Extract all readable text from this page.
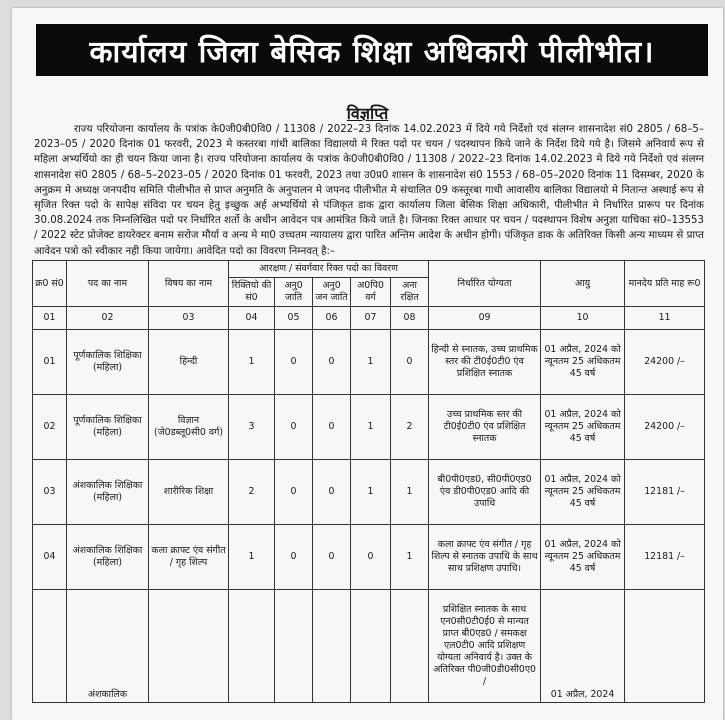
कार्यालय जिला बेसिक शिक्षा अधिकारी पीलीभीत।
विज्ञप्ति

राज्य परियोजना कार्यालय के पत्रांक के0जी0बी0वि0 / 11308 / 2022–23 दिनांक 14.02.2023 में दिये गये निर्देशो एवं संलग्न शासनादेश सं0 2805 / 68–5–2023–05 / 2020 दिनांक 01 फरवरी, 2023 मे कस्तरबा गांधी बालिका विद्यालयो मे रिक्त पदो पर चयन / पदस्थापन किये जाने के निर्देश दिये गये है। जिसमे अनिवार्य रूप से महिला अभ्यर्थियो का ही चयन किया जाना है। राज्य परियोजना कार्यालय के पत्रांक के0जी0बी0वि0 / 11308 / 2022–23 दिनांक 14.02.2023 मे दिये गये निर्देशो एवं संलग्न शासनादेश सं0 2805 / 68–5–2023–05 / 2020 दिनांक 01 फरवरी, 2023 तथा उ0प्र0 शासन के शासनादेश सं0 1553 / 68–05–2020 दिनांक 11 दिसम्बर, 2020 के अनुक्रम मे अध्यक्ष जनपदीय समिति पीलीभीत से प्राप्त अनुमति के अनुपालन मे जपनद पीलीभीत मे संचालित 09 कस्तूरबा गाधी आवासीय बालिका विद्यालयो मे नितान्त अस्थाई रूप से सृजित रिक्त पदो के सापेक्ष संविदा पर चयन हेतु इच्छुक अर्ह अभ्यर्थियो से पंजिकृत डाक द्वारा कार्यालय जिला बेसिक शिक्षा अधिकारी, पीलीभीत मे निर्धारित प्रारूप पर दिनांक 30.08.2024 तक निम्नलिखित पदो पर निर्धारित शर्तो के अधीन आवेदन पत्र आमंत्रित किये जाते है। जिनका रिक्त आधार पर चयन / पदस्थापन विशेष अनुज्ञा याचिका सं0–13553 / 2022 स्टेट प्रोजेक्ट डायरेक्टर बनाम सरोज मौर्या व अन्य मे मा0 उच्चतम न्यायालय द्वारा पारित अन्तिम आदेश के अधीन होगी। पंजिकृत डाक के अतिरिक्त किसी अन्य माध्यम से प्राप्त आवेदन पत्रो को स्वीकार नही किया जायेगा। आवेदित पदो का विवरण निम्नवत् है:–

क्र0 सं0	पद का नाम	विषय का नाम	आरक्षण / संवर्गवार रिक्त पदो का विवरण					निर्धारित योग्यता	आयु	मानदेय प्रति माह रू0
			रिक्तियो की सं0	अनु0 जाति	अनु0 जन जाति	अ0पि0 वर्ग	अना रक्षित			
01	02	03	04	05	06	07	08	09	10	11
01	पूर्णकालिक शिक्षिका (महिला)	हिन्दी	1	0	0	1	0	हिन्दी से स्नातक, उच्च प्राथमिक स्तर की टी0ई0टी0 एंव प्रशिक्षित स्नातक	01 अप्रैल, 2024 को न्यूनतम 25 अधिकतम 45 वर्ष	24200 /–
02	पूर्णकालिक शिक्षिका (महिला)	विज्ञान (जे0डब्लू0सी0 वर्ग)	3	0	0	1	2	उच्च प्राथमिक स्तर की टी0ई0टी0 एंव प्रशिक्षित स्नातक	01 अप्रैल, 2024 को न्यूनतम 25 अधिकतम 45 वर्ष	24200 /–
03	अंशकालिक शिक्षिका (महिला)	शारीरिक शिक्षा	2	0	0	1	1	बी0पी0एड0, सी0पी0एड0 एंव डी0पी0एड0 आदि की उपाधि	01 अप्रैल, 2024 को न्यूनतम 25 अधिकतम 45 वर्ष	12181 /–
04	अंशकालिक शिक्षिका (महिला)	कला क्राफ्ट एंव संगीत / गृह शिल्प	1	0	0	0	1	कला क्राफ्ट एंव संगीत / गृह शिल्प से स्नातक उपाधि के साथ साथ प्रशिक्षण उपाधि।	01 अप्रैल, 2024 को न्यूनतम 25 अधिकतम 45 वर्ष	12181 /–
	अंशकालिक							प्रशिक्षित स्नातक के साथ एन0सी0टी0ई0 से मान्यत प्राप्त बी0एड0 / समकक्ष एल0टी0 आदि प्रशिक्षण योग्यता अनिवार्य है। उक्त के अतिरिक्त पी0जी0डी0सी0ए0 /	01 अप्रैल, 2024	
